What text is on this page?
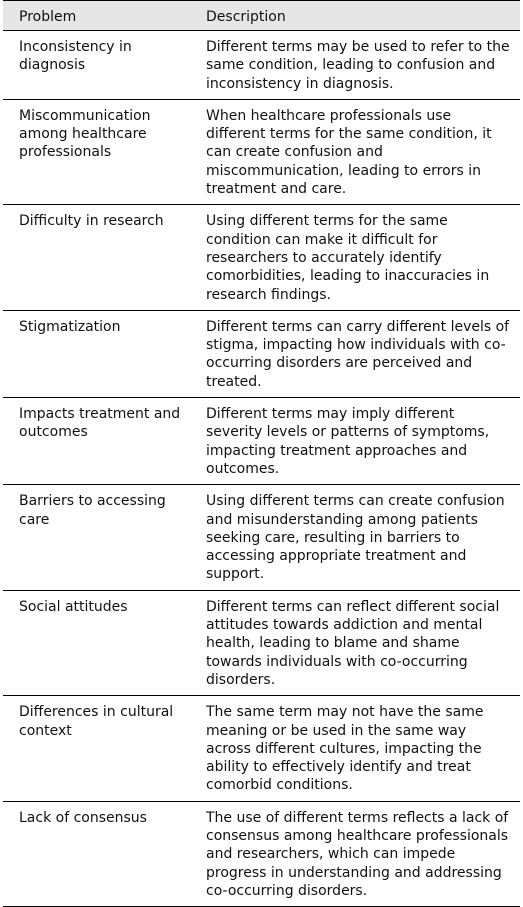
Problem	Description
Inconsistency in diagnosis	Different terms may be used to refer to the same condition, leading to confusion and inconsistency in diagnosis.
Miscommunication among healthcare professionals	When healthcare professionals use different terms for the same condition, it can create confusion and miscommunication, leading to errors in treatment and care.
Difficulty in research	Using different terms for the same condition can make it difficult for researchers to accurately identify comorbidities, leading to inaccuracies in research findings.
Stigmatization	Different terms can carry different levels of stigma, impacting how individuals with co-occurring disorders are perceived and treated.
Impacts treatment and outcomes	Different terms may imply different severity levels or patterns of symptoms, impacting treatment approaches and outcomes.
Barriers to accessing care	Using different terms can create confusion and misunderstanding among patients seeking care, resulting in barriers to accessing appropriate treatment and support.
Social attitudes	Different terms can reflect different social attitudes towards addiction and mental health, leading to blame and shame towards individuals with co-occurring disorders.
Differences in cultural context	The same term may not have the same meaning or be used in the same way across different cultures, impacting the ability to effectively identify and treat comorbid conditions.
Lack of consensus	The use of different terms reflects a lack of consensus among healthcare professionals and researchers, which can impede progress in understanding and addressing co-occurring disorders.
